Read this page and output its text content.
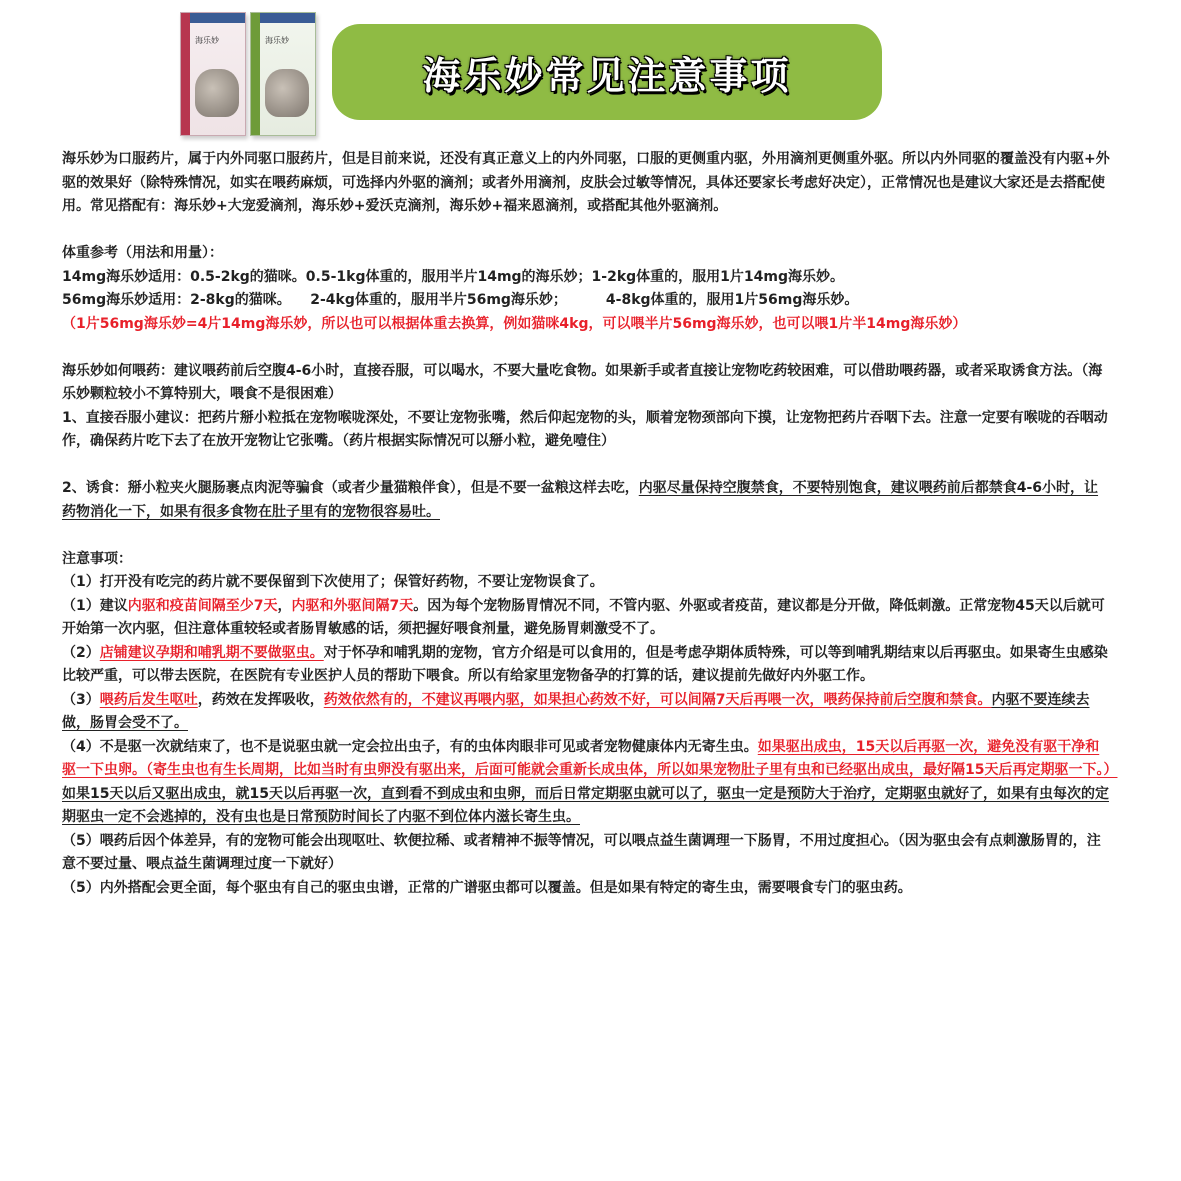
海乐妙	海乐妙
海乐妙常见注意事项

海乐妙为口服药片，属于内外同驱口服药片，但是目前来说，还没有真正意义上的内外同驱，口服的更侧重内驱，外用滴剂更侧重外驱。所以内外同驱的覆盖没有内驱+外驱的效果好（除特殊情况，如实在喂药麻烦，可选择内外驱的滴剂；或者外用滴剂，皮肤会过敏等情况，具体还要家长考虑好决定），正常情况也是建议大家还是去搭配使用。常见搭配有：海乐妙+大宠爱滴剂，海乐妙+爱沃克滴剂，海乐妙+福来恩滴剂，或搭配其他外驱滴剂。

体重参考（用法和用量）：

14mg海乐妙适用：0.5-2kg的猫咪。0.5-1kg体重的，服用半片14mg的海乐妙；1-2kg体重的，服用1片14mg海乐妙。

56mg海乐妙适用：2-8kg的猫咪。    2-4kg体重的，服用半片56mg海乐妙；        4-8kg体重的，服用1片56mg海乐妙。

（1片56mg海乐妙=4片14mg海乐妙，所以也可以根据体重去换算，例如猫咪4kg，可以喂半片56mg海乐妙，也可以喂1片半14mg海乐妙）

海乐妙如何喂药：建议喂药前后空腹4-6小时，直接吞服，可以喝水，不要大量吃食物。如果新手或者直接让宠物吃药较困难，可以借助喂药器，或者采取诱食方法。（海乐妙颗粒较小不算特别大，喂食不是很困难）

1、直接吞服小建议：把药片掰小粒抵在宠物喉咙深处，不要让宠物张嘴，然后仰起宠物的头，顺着宠物颈部向下摸，让宠物把药片吞咽下去。注意一定要有喉咙的吞咽动作，确保药片吃下去了在放开宠物让它张嘴。（药片根据实际情况可以掰小粒，避免噎住）

2、诱食：掰小粒夹火腿肠裹点肉泥等骗食（或者少量猫粮伴食），但是不要一盆粮这样去吃，内驱尽量保持空腹禁食，不要特别饱食，建议喂药前后都禁食4-6小时，让药物消化一下，如果有很多食物在肚子里有的宠物很容易吐。

注意事项：

（1）打开没有吃完的药片就不要保留到下次使用了；保管好药物，不要让宠物误食了。

（1）建议内驱和疫苗间隔至少7天，内驱和外驱间隔7天。因为每个宠物肠胃情况不同，不管内驱、外驱或者疫苗，建议都是分开做，降低刺激。正常宠物45天以后就可开始第一次内驱，但注意体重较轻或者肠胃敏感的话，须把握好喂食剂量，避免肠胃刺激受不了。

（2）店铺建议孕期和哺乳期不要做驱虫。对于怀孕和哺乳期的宠物，官方介绍是可以食用的，但是考虑孕期体质特殊，可以等到哺乳期结束以后再驱虫。如果寄生虫感染比较严重，可以带去医院，在医院有专业医护人员的帮助下喂食。所以有给家里宠物备孕的打算的话，建议提前先做好内外驱工作。

（3）喂药后发生呕吐，药效在发挥吸收，药效依然有的，不建议再喂内驱，如果担心药效不好，可以间隔7天后再喂一次，喂药保持前后空腹和禁食。内驱不要连续去做，肠胃会受不了。

（4）不是驱一次就结束了，也不是说驱虫就一定会拉出虫子，有的虫体肉眼非可见或者宠物健康体内无寄生虫。如果驱出成虫，15天以后再驱一次，避免没有驱干净和驱一下虫卵。（寄生虫也有生长周期，比如当时有虫卵没有驱出来，后面可能就会重新长成虫体，所以如果宠物肚子里有虫和已经驱出成虫，最好隔15天后再定期驱一下。）如果15天以后又驱出成虫，就15天以后再驱一次，直到看不到成虫和虫卵，而后日常定期驱虫就可以了，驱虫一定是预防大于治疗，定期驱虫就好了，如果有虫每次的定期驱虫一定不会逃掉的，没有虫也是日常预防时间长了内驱不到位体内滋长寄生虫。

（5）喂药后因个体差异，有的宠物可能会出现呕吐、软便拉稀、或者精神不振等情况，可以喂点益生菌调理一下肠胃，不用过度担心。（因为驱虫会有点刺激肠胃的，注意不要过量、喂点益生菌调理过度一下就好）

（5）内外搭配会更全面，每个驱虫有自己的驱虫虫谱，正常的广谱驱虫都可以覆盖。但是如果有特定的寄生虫，需要喂食专门的驱虫药。
